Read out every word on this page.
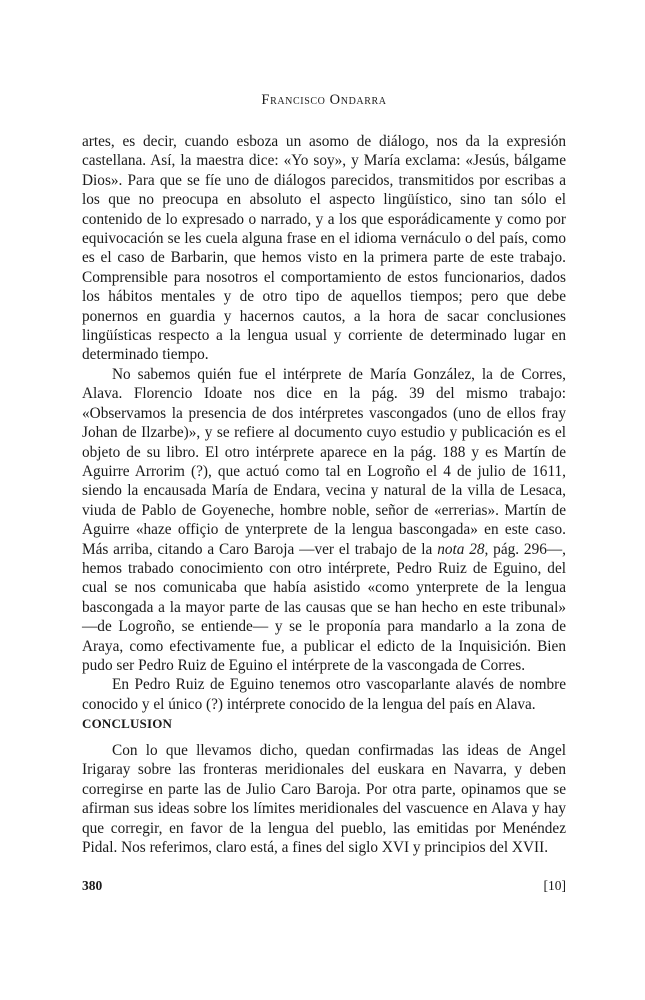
Francisco Ondarra

artes, es decir, cuando esboza un asomo de diálogo, nos da la expresión castellana. Así, la maestra dice: «Yo soy», y María exclama: «Jesús, bálgame Dios». Para que se fíe uno de diálogos parecidos, transmitidos por escribas a los que no preocupa en absoluto el aspecto lingüístico, sino tan sólo el contenido de lo expresado o narrado, y a los que esporádicamente y como por equivocación se les cuela alguna frase en el idioma vernáculo o del país, como es el caso de Barbarin, que hemos visto en la primera parte de este trabajo. Comprensible para nosotros el comportamiento de estos funcionarios, dados los hábitos mentales y de otro tipo de aquellos tiempos; pero que debe ponernos en guardia y hacernos cautos, a la hora de sacar conclusiones lingüísticas respecto a la lengua usual y corriente de determinado lugar en determinado tiempo.

No sabemos quién fue el intérprete de María González, la de Corres, Alava. Florencio Idoate nos dice en la pág. 39 del mismo trabajo: «Observamos la presencia de dos intérpretes vascongados (uno de ellos fray Johan de Ilzarbe)», y se refiere al documento cuyo estudio y publicación es el objeto de su libro. El otro intérprete aparece en la pág. 188 y es Martín de Aguirre Arrorim (?), que actuó como tal en Logroño el 4 de julio de 1611, siendo la encausada María de Endara, vecina y natural de la villa de Lesaca, viuda de Pablo de Goyeneche, hombre noble, señor de «errerias». Martín de Aguirre «haze offiçio de ynterprete de la lengua bascongada» en este caso. Más arriba, citando a Caro Baroja —ver el trabajo de la nota 28, pág. 296—, hemos trabado conocimiento con otro intérprete, Pedro Ruiz de Eguino, del cual se nos comunicaba que había asistido «como ynterprete de la lengua bascongada a la mayor parte de las causas que se han hecho en este tribunal» —de Logroño, se entiende— y se le proponía para mandarlo a la zona de Araya, como efectivamente fue, a publicar el edicto de la Inquisición. Bien pudo ser Pedro Ruiz de Eguino el intérprete de la vascongada de Corres.

En Pedro Ruiz de Eguino tenemos otro vascoparlante alavés de nombre conocido y el único (?) intérprete conocido de la lengua del país en Alava.

CONCLUSION

Con lo que llevamos dicho, quedan confirmadas las ideas de Angel Irigaray sobre las fronteras meridionales del euskara en Navarra, y deben corregirse en parte las de Julio Caro Baroja. Por otra parte, opinamos que se afirman sus ideas sobre los límites meridionales del vascuence en Alava y hay que corregir, en favor de la lengua del pueblo, las emitidas por Menéndez Pidal. Nos referimos, claro está, a fines del siglo XVI y principios del XVII.

380	[10]
